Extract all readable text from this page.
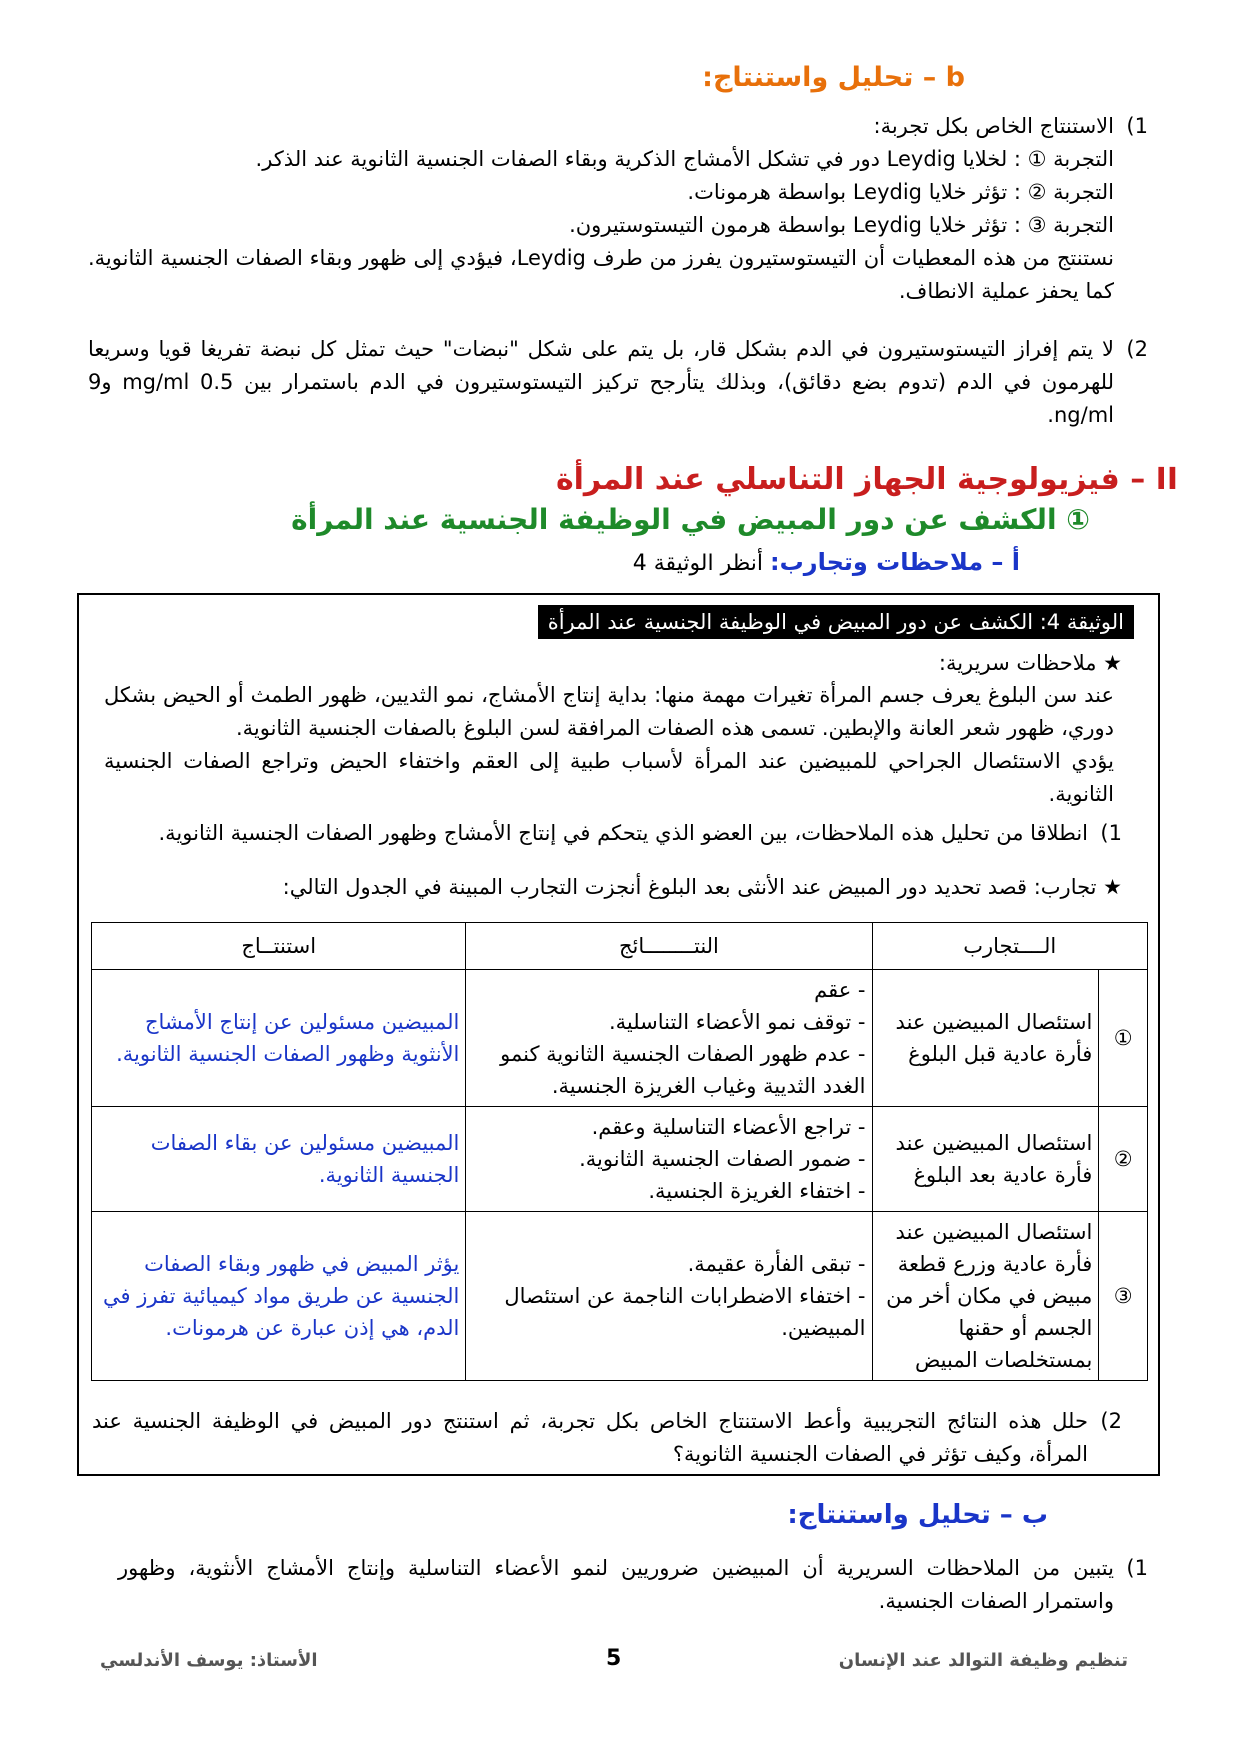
b – تحليل واستنتاج:
1)
الاستنتاج الخاص بكل تجربة:
التجربة ① : لخلايا Leydig دور في تشكل الأمشاج الذكرية وبقاء الصفات الجنسية الثانوية عند الذكر.
التجربة ② : تؤثر خلايا Leydig بواسطة هرمونات.
التجربة ③ : تؤثر خلايا Leydig بواسطة هرمون التيستوستيرون.
نستنتج من هذه المعطيات أن التيستوستيرون يفرز من طرف Leydig، فيؤدي إلى ظهور وبقاء الصفات الجنسية الثانوية. كما يحفز عملية الانطاف.
2)
لا يتم إفراز التيستوستيرون في الدم بشكل قار، بل يتم على شكل "نبضات" حيث تمثل كل نبضة تفريغا قويا وسريعا للهرمون في الدم (تدوم بضع دقائق)، وبذلك يتأرجح تركيز التيستوستيرون في الدم باستمرار بين 0.5 mg/ml و9 ng/ml.
II – فيزيولوجية الجهاز التناسلي عند المرأة
① الكشف عن دور المبيض في الوظيفة الجنسية عند المرأة
أ – ملاحظات وتجارب: أنظر الوثيقة 4
الوثيقة 4: الكشف عن دور المبيض في الوظيفة الجنسية عند المرأة
★ ملاحظات سريرية:
عند سن البلوغ يعرف جسم المرأة تغيرات مهمة منها: بداية إنتاج الأمشاج، نمو الثديين، ظهور الطمث أو الحيض بشكل دوري، ظهور شعر العانة والإبطين. تسمى هذه الصفات المرافقة لسن البلوغ بالصفات الجنسية الثانوية.
يؤدي الاستئصال الجراحي للمبيضين عند المرأة لأسباب طبية إلى العقم واختفاء الحيض وتراجع الصفات الجنسية الثانوية.
1)
انطلاقا من تحليل هذه الملاحظات، بين العضو الذي يتحكم في إنتاج الأمشاج وظهور الصفات الجنسية الثانوية.
★ تجارب: قصد تحديد دور المبيض عند الأنثى بعد البلوغ أنجزت التجارب المبينة في الجدول التالي:
الــــتجارب		النتــــــــائج	استنتــاج
①	استئصال المبيضين عند فأرة عادية قبل البلوغ	- عقم
- توقف نمو الأعضاء التناسلية.
- عدم ظهور الصفات الجنسية الثانوية كنمو الغدد الثديية وغياب الغريزة الجنسية.	المبيضين مسئولين عن إنتاج الأمشاج الأنثوية وظهور الصفات الجنسية الثانوية.
②	استئصال المبيضين عند فأرة عادية بعد البلوغ	- تراجع الأعضاء التناسلية وعقم.
- ضمور الصفات الجنسية الثانوية.
- اختفاء الغريزة الجنسية.	المبيضين مسئولين عن بقاء الصفات الجنسية الثانوية.
③	استئصال المبيضين عند فأرة عادية وزرع قطعة مبيض في مكان أخر من الجسم أو حقنها بمستخلصات المبيض	- تبقى الفأرة عقيمة.
- اختفاء الاضطرابات الناجمة عن استئصال المبيضين.	يؤثر المبيض في ظهور وبقاء الصفات الجنسية عن طريق مواد كيميائية تفرز في الدم، هي إذن عبارة عن هرمونات.
2)
حلل هذه النتائج التجريبية وأعط الاستنتاج الخاص بكل تجربة، ثم استنتج دور المبيض في الوظيفة الجنسية عند المرأة، وكيف تؤثر في الصفات الجنسية الثانوية؟
ب – تحليل واستنتاج:
1)
يتبين من الملاحظات السريرية أن المبيضين ضروريين لنمو الأعضاء التناسلية وإنتاج الأمشاج الأنثوية، وظهور واستمرار الصفات الجنسية.
تنظيم وظيفة التوالد عند الإنسان
5
الأستاذ: يوسف الأندلسي
